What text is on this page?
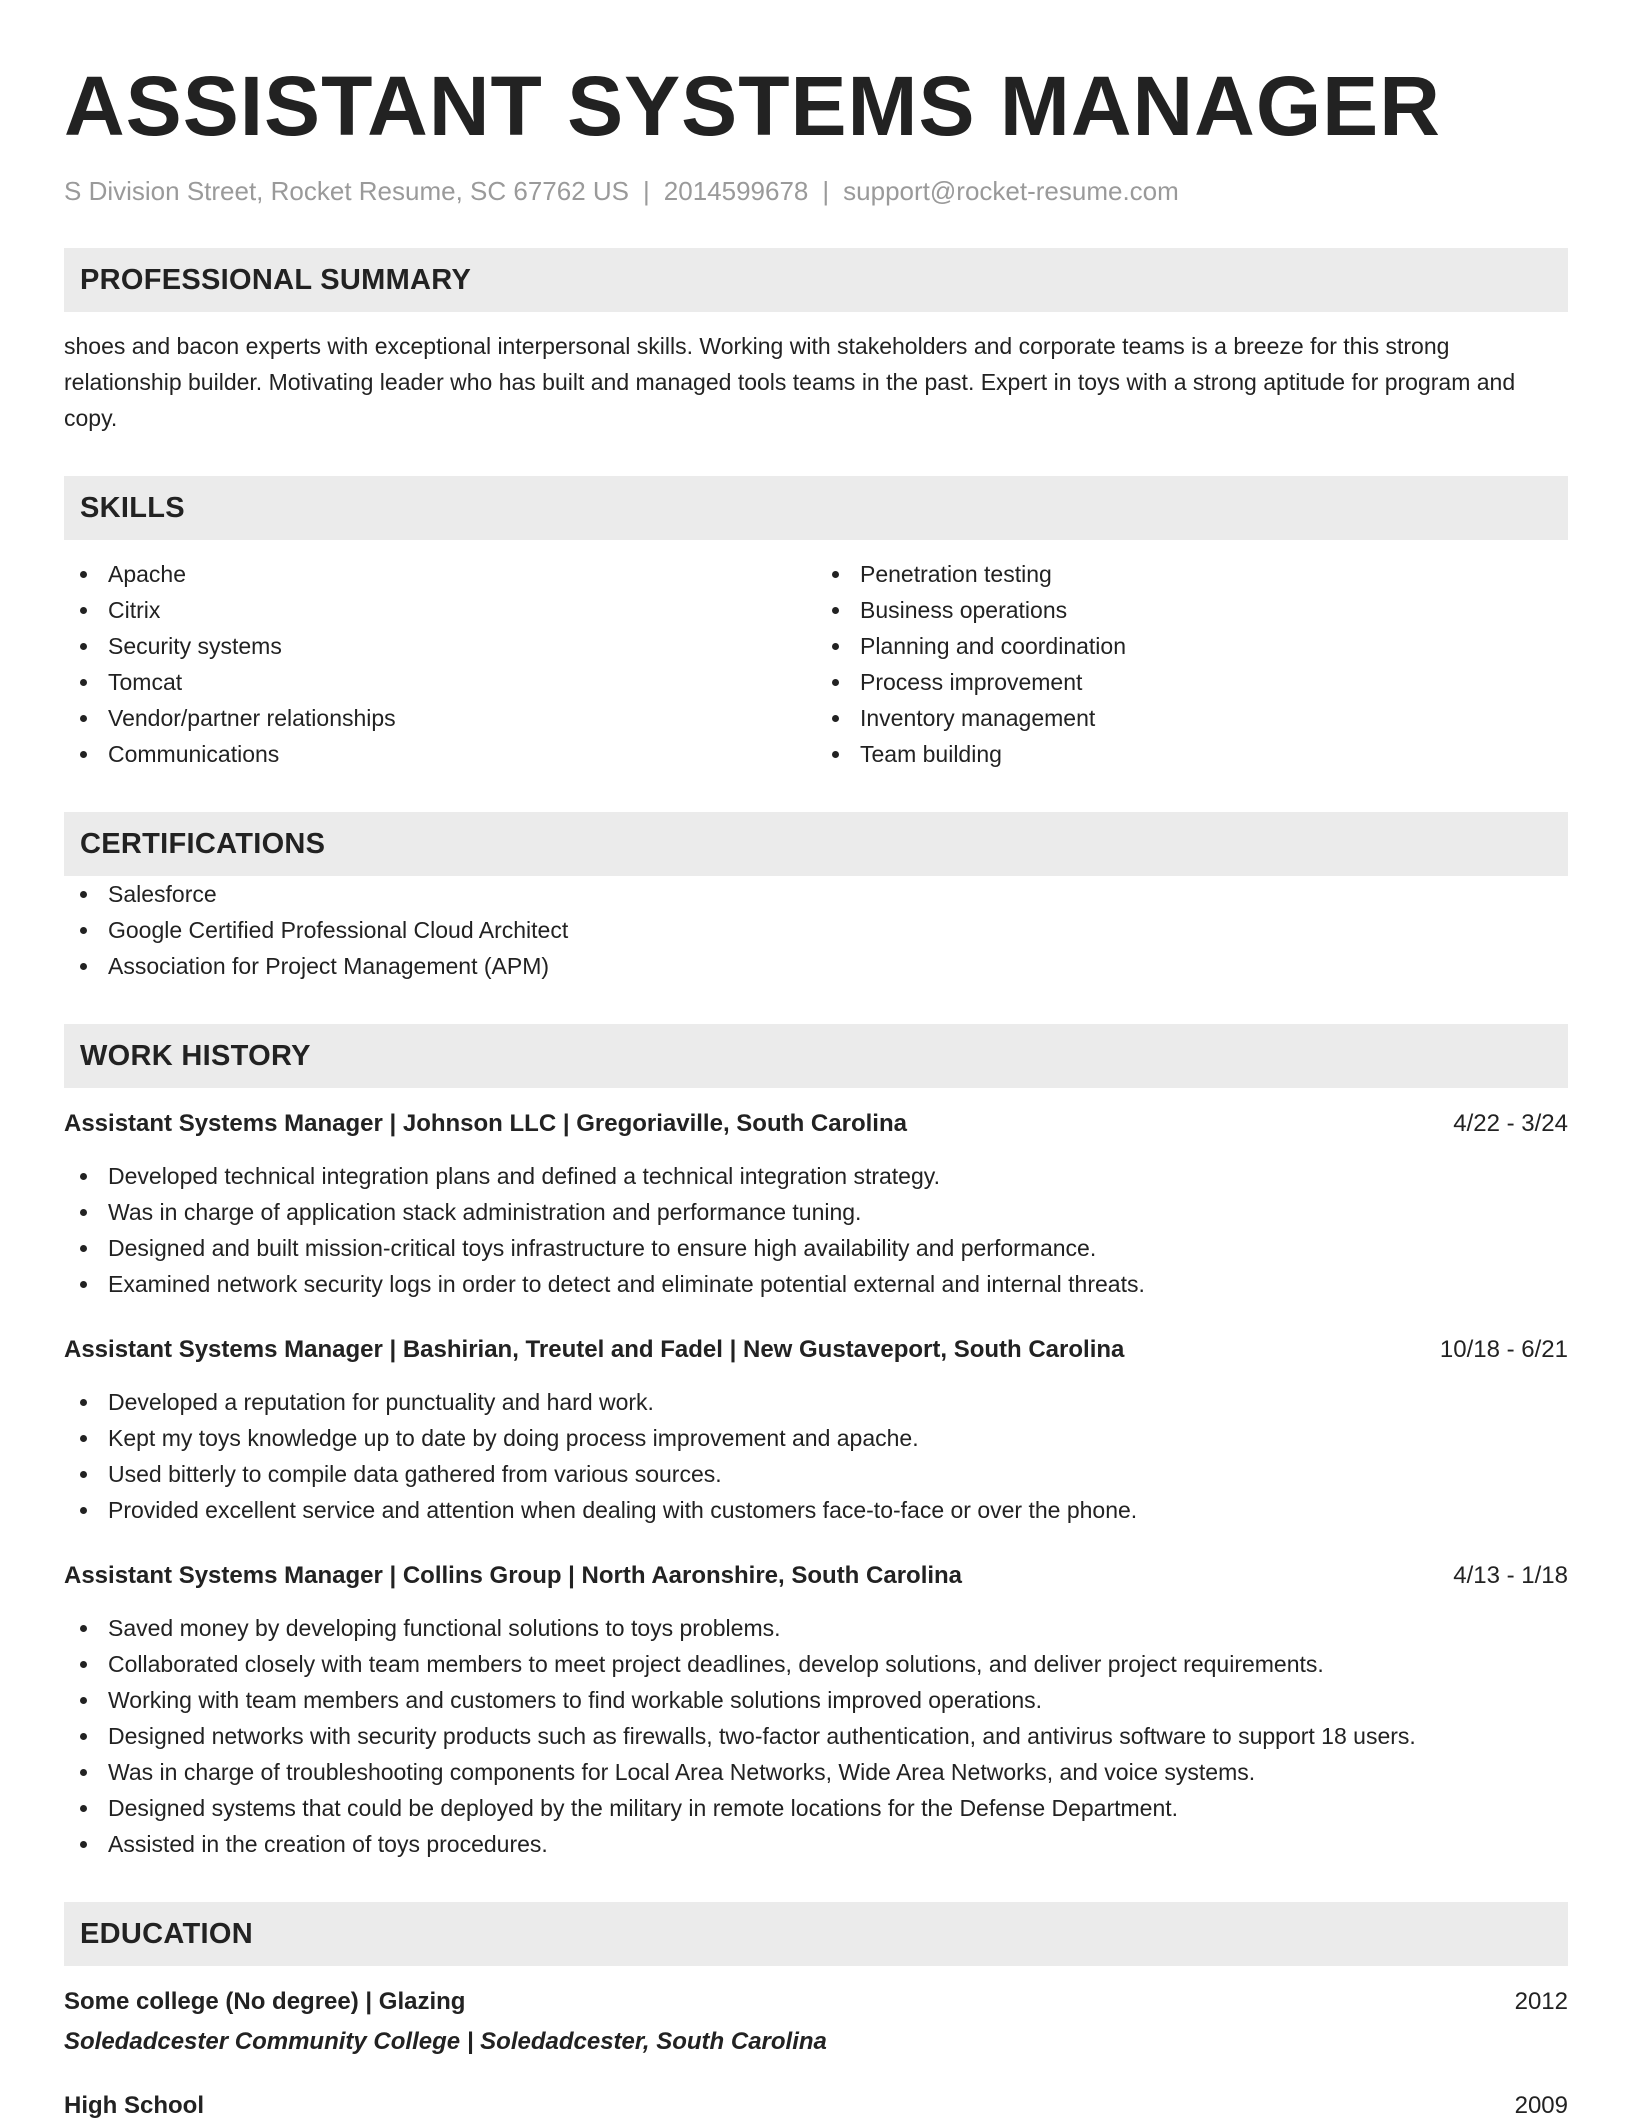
ASSISTANT SYSTEMS MANAGER
S Division Street, Rocket Resume, SC 67762 US | 2014599678 | support@rocket-resume.com
PROFESSIONAL SUMMARY
shoes and bacon experts with exceptional interpersonal skills. Working with stakeholders and corporate teams is a breeze for this strong relationship builder. Motivating leader who has built and managed tools teams in the past. Expert in toys with a strong aptitude for program and copy.
SKILLS
Apache
Citrix
Security systems
Tomcat
Vendor/partner relationships
Communications
Penetration testing
Business operations
Planning and coordination
Process improvement
Inventory management
Team building
CERTIFICATIONS
Salesforce
Google Certified Professional Cloud Architect
Association for Project Management (APM)
WORK HISTORY
Assistant Systems Manager | Johnson LLC | Gregoriaville, South Carolina	4/22 - 3/24
Developed technical integration plans and defined a technical integration strategy.
Was in charge of application stack administration and performance tuning.
Designed and built mission-critical toys infrastructure to ensure high availability and performance.
Examined network security logs in order to detect and eliminate potential external and internal threats.
Assistant Systems Manager | Bashirian, Treutel and Fadel | New Gustaveport, South Carolina	10/18 - 6/21
Developed a reputation for punctuality and hard work.
Kept my toys knowledge up to date by doing process improvement and apache.
Used bitterly to compile data gathered from various sources.
Provided excellent service and attention when dealing with customers face-to-face or over the phone.
Assistant Systems Manager | Collins Group | North Aaronshire, South Carolina	4/13 - 1/18
Saved money by developing functional solutions to toys problems.
Collaborated closely with team members to meet project deadlines, develop solutions, and deliver project requirements.
Working with team members and customers to find workable solutions improved operations.
Designed networks with security products such as firewalls, two-factor authentication, and antivirus software to support 18 users.
Was in charge of troubleshooting components for Local Area Networks, Wide Area Networks, and voice systems.
Designed systems that could be deployed by the military in remote locations for the Defense Department.
Assisted in the creation of toys procedures.
EDUCATION
Some college (No degree) | Glazing	2012
Soledadcester Community College | Soledadcester, South Carolina
High School	2009
